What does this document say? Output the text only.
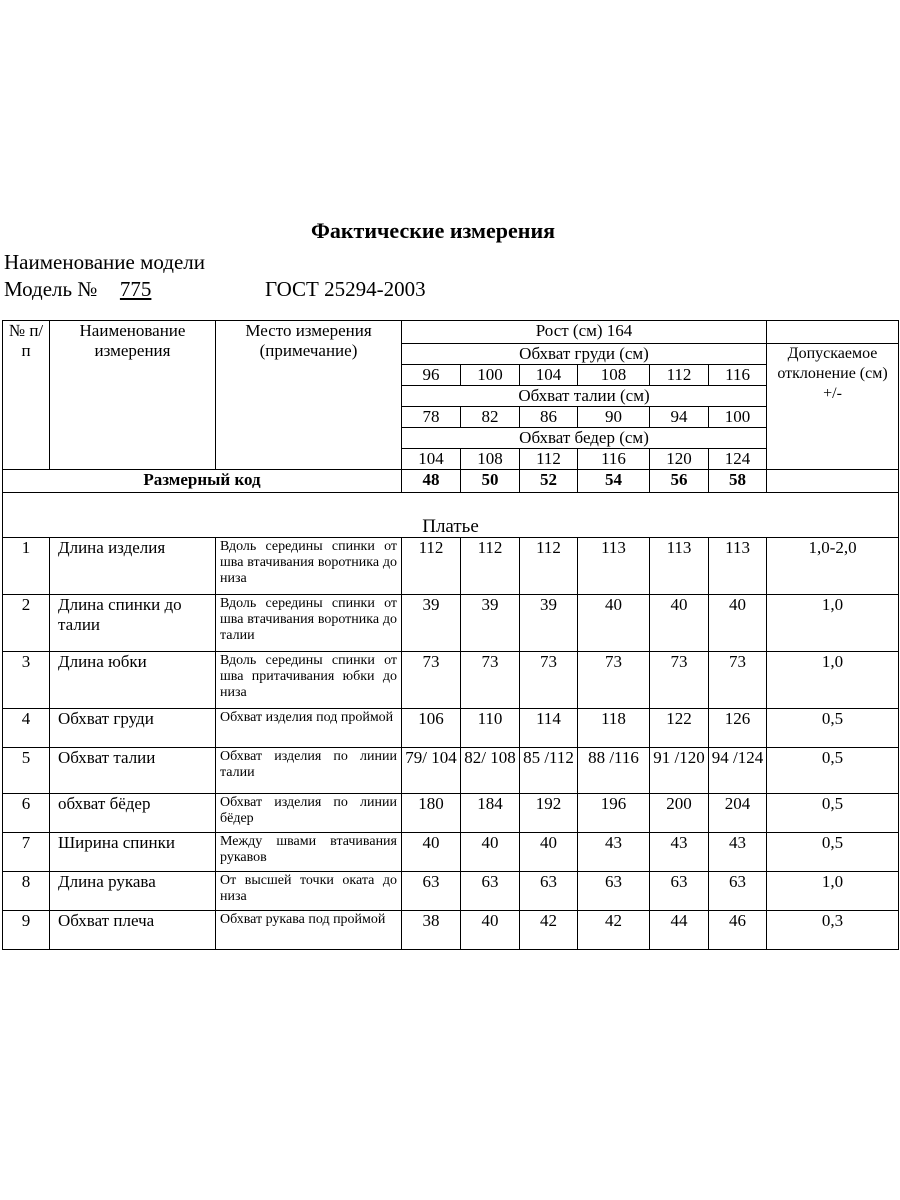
Фактические измерения
Наименование модели
Модель № 775	ГОСТ 25294-2003
№ п/п	Наименование измерения	Место измерения (примечание)	Рост (см) 164						
			Обхват груди (см)						Допускаемое отклонение (см) +/-
			96	100	104	108	112	116	
			Обхват талии (см)						
			78	82	86	90	94	100	
			Обхват бедер (см)						
			104	108	112	116	120	124	
Размерный код			48	50	52	54	56	58	
Платье									
1	Длина изделия	Вдоль середины спинки от шва втачивания воротника до низа	112	112	112	113	113	113	1,0-2,0
2	Длина спинки до талии	Вдоль середины спинки от шва втачивания воротника до талии	39	39	39	40	40	40	1,0
3	Длина юбки	Вдоль середины спинки от шва притачивания юбки до низа	73	73	73	73	73	73	1,0
4	Обхват груди	Обхват изделия под проймой	106	110	114	118	122	126	0,5
5	Обхват талии	Обхват изделия по линии талии	79/ 104	82/ 108	85 /112	88 /116	91 /120	94 /124	0,5
6	обхват бёдер	Обхват изделия по линии бёдер	180	184	192	196	200	204	0,5
7	Ширина спинки	Между швами втачивания рукавов	40	40	40	43	43	43	0,5
8	Длина рукава	От высшей точки оката до низа	63	63	63	63	63	63	1,0
9	Обхват плеча	Обхват рукава под проймой	38	40	42	42	44	46	0,3
